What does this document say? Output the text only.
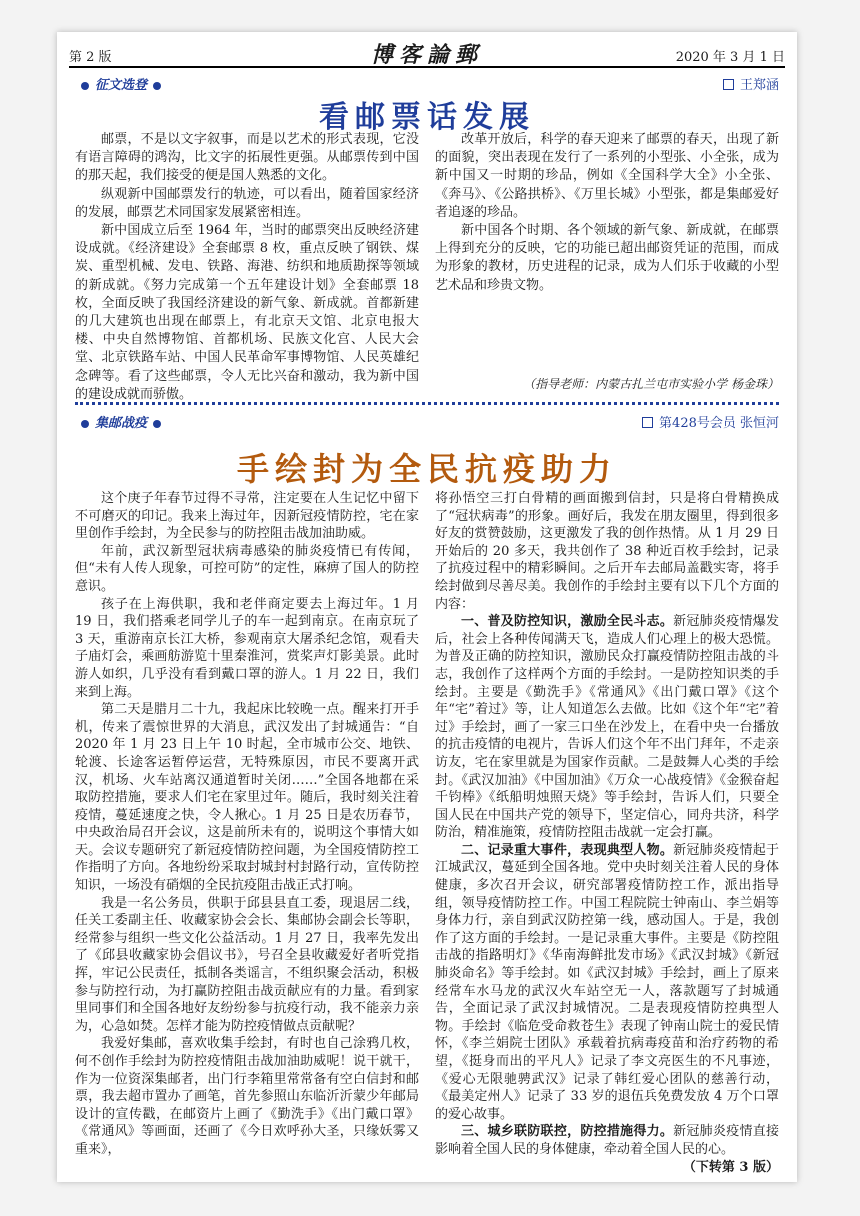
第 2 版	博客論郵	2020 年 3 月 1 日
征文选登	王郑涵
看邮票话发展

邮票，不是以文字叙事，而是以艺术的形式表现，它没有语言障碍的鸿沟，比文字的拓展性更强。从邮票传到中国的那天起，我们接受的便是国人熟悉的文化。

纵观新中国邮票发行的轨迹，可以看出，随着国家经济的发展，邮票艺术同国家发展紧密相连。

新中国成立后至 1964 年，当时的邮票突出反映经济建设成就。《经济建设》全套邮票 8 枚，重点反映了钢铁、煤炭、重型机械、发电、铁路、海港、纺织和地质勘探等领域的新成就。《努力完成第一个五年建设计划》全套邮票 18 枚，全面反映了我国经济建设的新气象、新成就。首都新建的几大建筑也出现在邮票上，有北京天文馆、北京电报大楼、中央自然博物馆、首都机场、民族文化宫、人民大会堂、北京铁路车站、中国人民革命军事博物馆、人民英雄纪念碑等。看了这些邮票，令人无比兴奋和激动，我为新中国的建设成就而骄傲。

改革开放后，科学的春天迎来了邮票的春天，出现了新的面貌，突出表现在发行了一系列的小型张、小全张，成为新中国又一时期的珍品，例如《全国科学大全》小全张、《奔马》、《公路拱桥》、《万里长城》小型张，都是集邮爱好者追逐的珍品。

新中国各个时期、各个领域的新气象、新成就，在邮票上得到充分的反映，它的功能已超出邮资凭证的范围，而成为形象的教材，历史进程的记录，成为人们乐于收藏的小型艺术品和珍贵文物。

（指导老师：内蒙古扎兰屯市实验小学 杨金珠）
集邮战疫	第428号会员 张恒河
手绘封为全民抗疫助力

这个庚子年春节过得不寻常，注定要在人生记忆中留下不可磨灭的印记。我来上海过年，因新冠疫情防控，宅在家里创作手绘封，为全民参与的防控阻击战加油助威。

年前，武汉新型冠状病毒感染的肺炎疫情已有传闻，但“未有人传人现象，可控可防”的定性，麻痹了国人的防控意识。

孩子在上海供职，我和老伴商定要去上海过年。1 月 19 日，我们搭乘老同学儿子的车一起到南京。在南京玩了 3 天，重游南京长江大桥，参观南京大屠杀纪念馆，观看夫子庙灯会，乘画舫游览十里秦淮河，赏桨声灯影美景。此时游人如织，几乎没有看到戴口罩的游人。1 月 22 日，我们来到上海。

第二天是腊月二十九，我起床比较晚一点。醒来打开手机，传来了震惊世界的大消息，武汉发出了封城通告：“自 2020 年 1 月 23 日上午 10 时起，全市城市公交、地铁、轮渡、长途客运暂停运营，无特殊原因，市民不要离开武汉，机场、火车站离汉通道暂时关闭……”全国各地都在采取防控措施，要求人们宅在家里过年。随后，我时刻关注着疫情，蔓延速度之快，令人揪心。1 月 25 日是农历春节，中央政治局召开会议，这是前所未有的，说明这个事情大如天。会议专题研究了新冠疫情防控问题，为全国疫情防控工作指明了方向。各地纷纷采取封城封村封路行动，宣传防控知识，一场没有硝烟的全民抗疫阻击战正式打响。

我是一名公务员，供职于邱县县直工委，现退居二线，任关工委副主任、收藏家协会会长、集邮协会副会长等职，经常参与组织一些文化公益活动。1 月 27 日，我率先发出了《邱县收藏家协会倡议书》，号召全县收藏爱好者听党指挥，牢记公民责任，抵制各类谣言，不组织聚会活动，积极参与防控行动，为打赢防控阻击战贡献应有的力量。看到家里同事们和全国各地好友纷纷参与抗疫行动，我不能亲力亲为，心急如焚。怎样才能为防控疫情做点贡献呢？

我爱好集邮，喜欢收集手绘封，有时也自己涂鸦几枚，何不创作手绘封为防控疫情阻击战加油助威呢！说干就干，作为一位资深集邮者，出门行李箱里常常备有空白信封和邮票，我去超市置办了画笔，首先参照山东临沂沂蒙少年邮局设计的宣传戳，在邮资片上画了《勤洗手》《出门戴口罩》《常通风》等画面，还画了《今日欢呼孙大圣，只缘妖雾又重来》，

将孙悟空三打白骨精的画面搬到信封，只是将白骨精换成了“冠状病毒”的形象。画好后，我发在朋友圈里，得到很多好友的赏赞鼓励，这更激发了我的创作热情。从 1 月 29 日开始后的 20 多天，我共创作了 38 种近百枚手绘封，记录了抗疫过程中的精彩瞬间。之后开车去邮局盖戳实寄，将手绘封做到尽善尽美。我创作的手绘封主要有以下几个方面的内容：

一、普及防控知识，激励全民斗志。新冠肺炎疫情爆发后，社会上各种传闻满天飞，造成人们心理上的极大恐慌。为普及正确的防控知识，激励民众打赢疫情防控阻击战的斗志，我创作了这样两个方面的手绘封。一是防控知识类的手绘封。主要是《勤洗手》《常通风》《出门戴口罩》《这个年“宅”着过》等，让人知道怎么去做。比如《这个年“宅”着过》手绘封，画了一家三口坐在沙发上，在看中央一台播放的抗击疫情的电视片，告诉人们这个年不出门拜年，不走亲访友，宅在家里就是为国家作贡献。二是鼓舞人心类的手绘封。《武汉加油》《中国加油》《万众一心战疫情》《金猴奋起千钧棒》《纸船明烛照天烧》等手绘封，告诉人们，只要全国人民在中国共产党的领导下，坚定信心，同舟共济，科学防治，精准施策，疫情防控阻击战就一定会打赢。

二、记录重大事件，表现典型人物。新冠肺炎疫情起于江城武汉，蔓延到全国各地。党中央时刻关注着人民的身体健康，多次召开会议，研究部署疫情防控工作，派出指导组，领导疫情防控工作。中国工程院院士钟南山、李兰娟等身体力行，亲自到武汉防控第一线，感动国人。于是，我创作了这方面的手绘封。一是记录重大事件。主要是《防控阻击战的指路明灯》《华南海鲜批发市场》《武汉封城》《新冠肺炎命名》等手绘封。如《武汉封城》手绘封，画上了原来经常车水马龙的武汉火车站空无一人，落款题写了封城通告，全面记录了武汉封城情况。二是表现疫情防控典型人物。手绘封《临危受命救苍生》表现了钟南山院士的爱民情怀，《李兰娟院士团队》承载着抗病毒疫苗和治疗药物的希望，《挺身而出的平凡人》记录了李文亮医生的不凡事迹，《爱心无限驰骋武汉》记录了韩红爱心团队的慈善行动，《最美定州人》记录了 33 岁的退伍兵免费发放 4 万个口罩的爱心故事。

三、城乡联防联控，防控措施得力。新冠肺炎疫情直接影响着全国人民的身体健康，牵动着全国人民的心。

（下转第 3 版）
